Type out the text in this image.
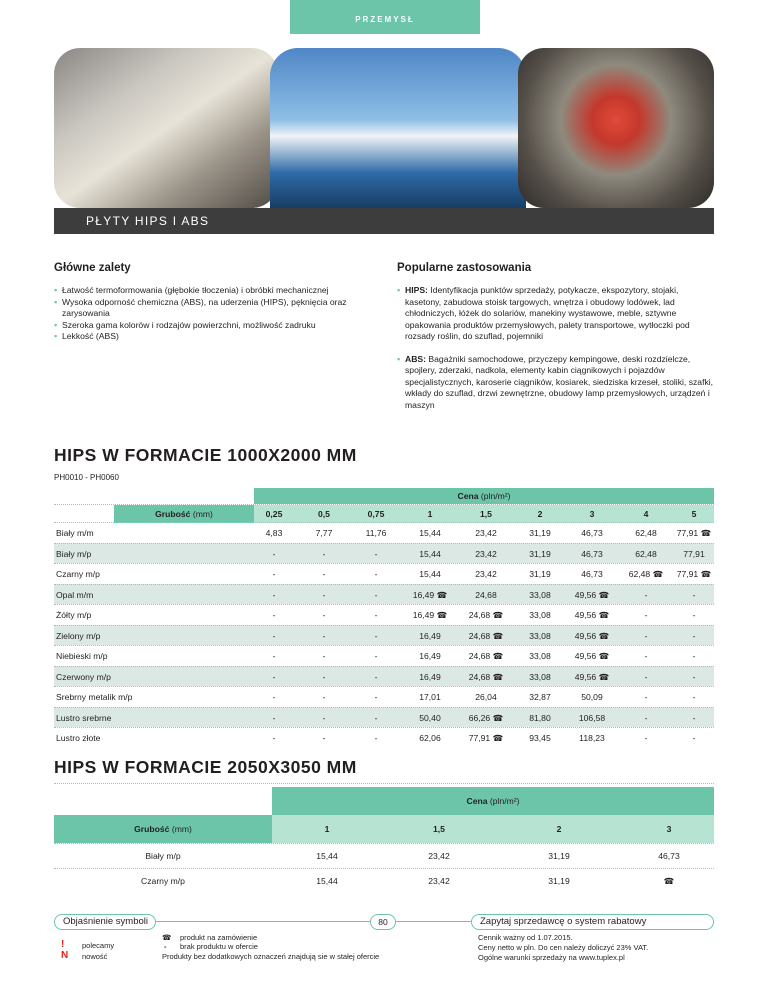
PRZEMYSŁ
PŁYTY HIPS I ABS
Główne zalety	Popularne zastosowania
▪ Łatwość termoformowania (głębokie tłoczenia) i obróbki mechanicznej
▪ Wysoka odporność chemiczna (ABS), na uderzenia (HIPS), pęknięcia oraz zarysowania
▪ Szeroka gama kolorów i rodzajów powierzchni, możliwość zadruku
▪ Lekkość (ABS)
▪ HIPS: Identyfikacja punktów sprzedaży, potykacze, ekspozytory, stojaki, kasetony, zabudowa stoisk targowych, wnętrza i obudowy lodówek, lad chłodniczych, łóżek do solariów, manekiny wystawowe, meble, sztywne opakowania produktów przemysłowych, palety transportowe, wytłoczki pod rozsady roślin, do szuflad, pojemniki
▪ ABS: Bagażniki samochodowe, przyczepy kempingowe, deski rozdzielcze, spojlery, zderzaki, nadkola, elementy kabin ciągnikowych i pojazdów specjalistycznych, karoserie ciągników, kosiarek, siedziska krzeseł, stoliki, szafki, wkłady do szuflad, drzwi zewnętrzne, obudowy lamp przemysłowych, urządzeń i maszyn
HIPS W FORMACIE 1000X2000 MM
PH0010 - PH0060
Cena (pln/m²)
Grubość (mm)	0,25	0,5	0,75	1	1,5	2	3	4	5
Biały m/m	4,83	7,77	11,76	15,44	23,42	31,19	46,73	62,48	77,91 ☎
Biały m/p	-	-	-	15,44	23,42	31,19	46,73	62,48	77,91
Czarny m/p	-	-	-	15,44	23,42	31,19	46,73	62,48 ☎	77,91 ☎
Opal m/m	-	-	-	16,49 ☎	24,68	33,08	49,56 ☎	-	-
Żółty m/p	-	-	-	16,49 ☎	24,68 ☎	33,08	49,56 ☎	-	-
Zielony m/p	-	-	-	16,49	24,68 ☎	33,08	49,56 ☎	-	-
Niebieski m/p	-	-	-	16,49	24,68 ☎	33,08	49,56 ☎	-	-
Czerwony m/p	-	-	-	16,49	24,68 ☎	33,08	49,56 ☎	-	-
Srebrny metalik m/p	-	-	-	17,01	26,04	32,87	50,09	-	-
Lustro srebrne	-	-	-	50,40	66,26 ☎	81,80	106,58	-	-
Lustro złote	-	-	-	62,06	77,91 ☎	93,45	118,23	-	-
HIPS W FORMACIE 2050X3050 MM
Cena (pln/m²)
Grubość (mm)	1	1,5	2	3
Biały m/p	15,44	23,42	31,19	46,73
Czarny m/p	15,44	23,42	31,19	☎
Objaśnienie symboli	80	Zapytaj sprzedawcę o system rabatowy
!
N
polecamy
nowość
☎ produkt na zamówienie
- brak produktu w ofercie
Produkty bez dodatkowych oznaczeń znajdują sie w stałej ofercie
Cennik ważny od 1.07.2015.
Ceny netto w pln. Do cen należy doliczyć 23% VAT.
Ogólne warunki sprzedaży na www.tuplex.pl
